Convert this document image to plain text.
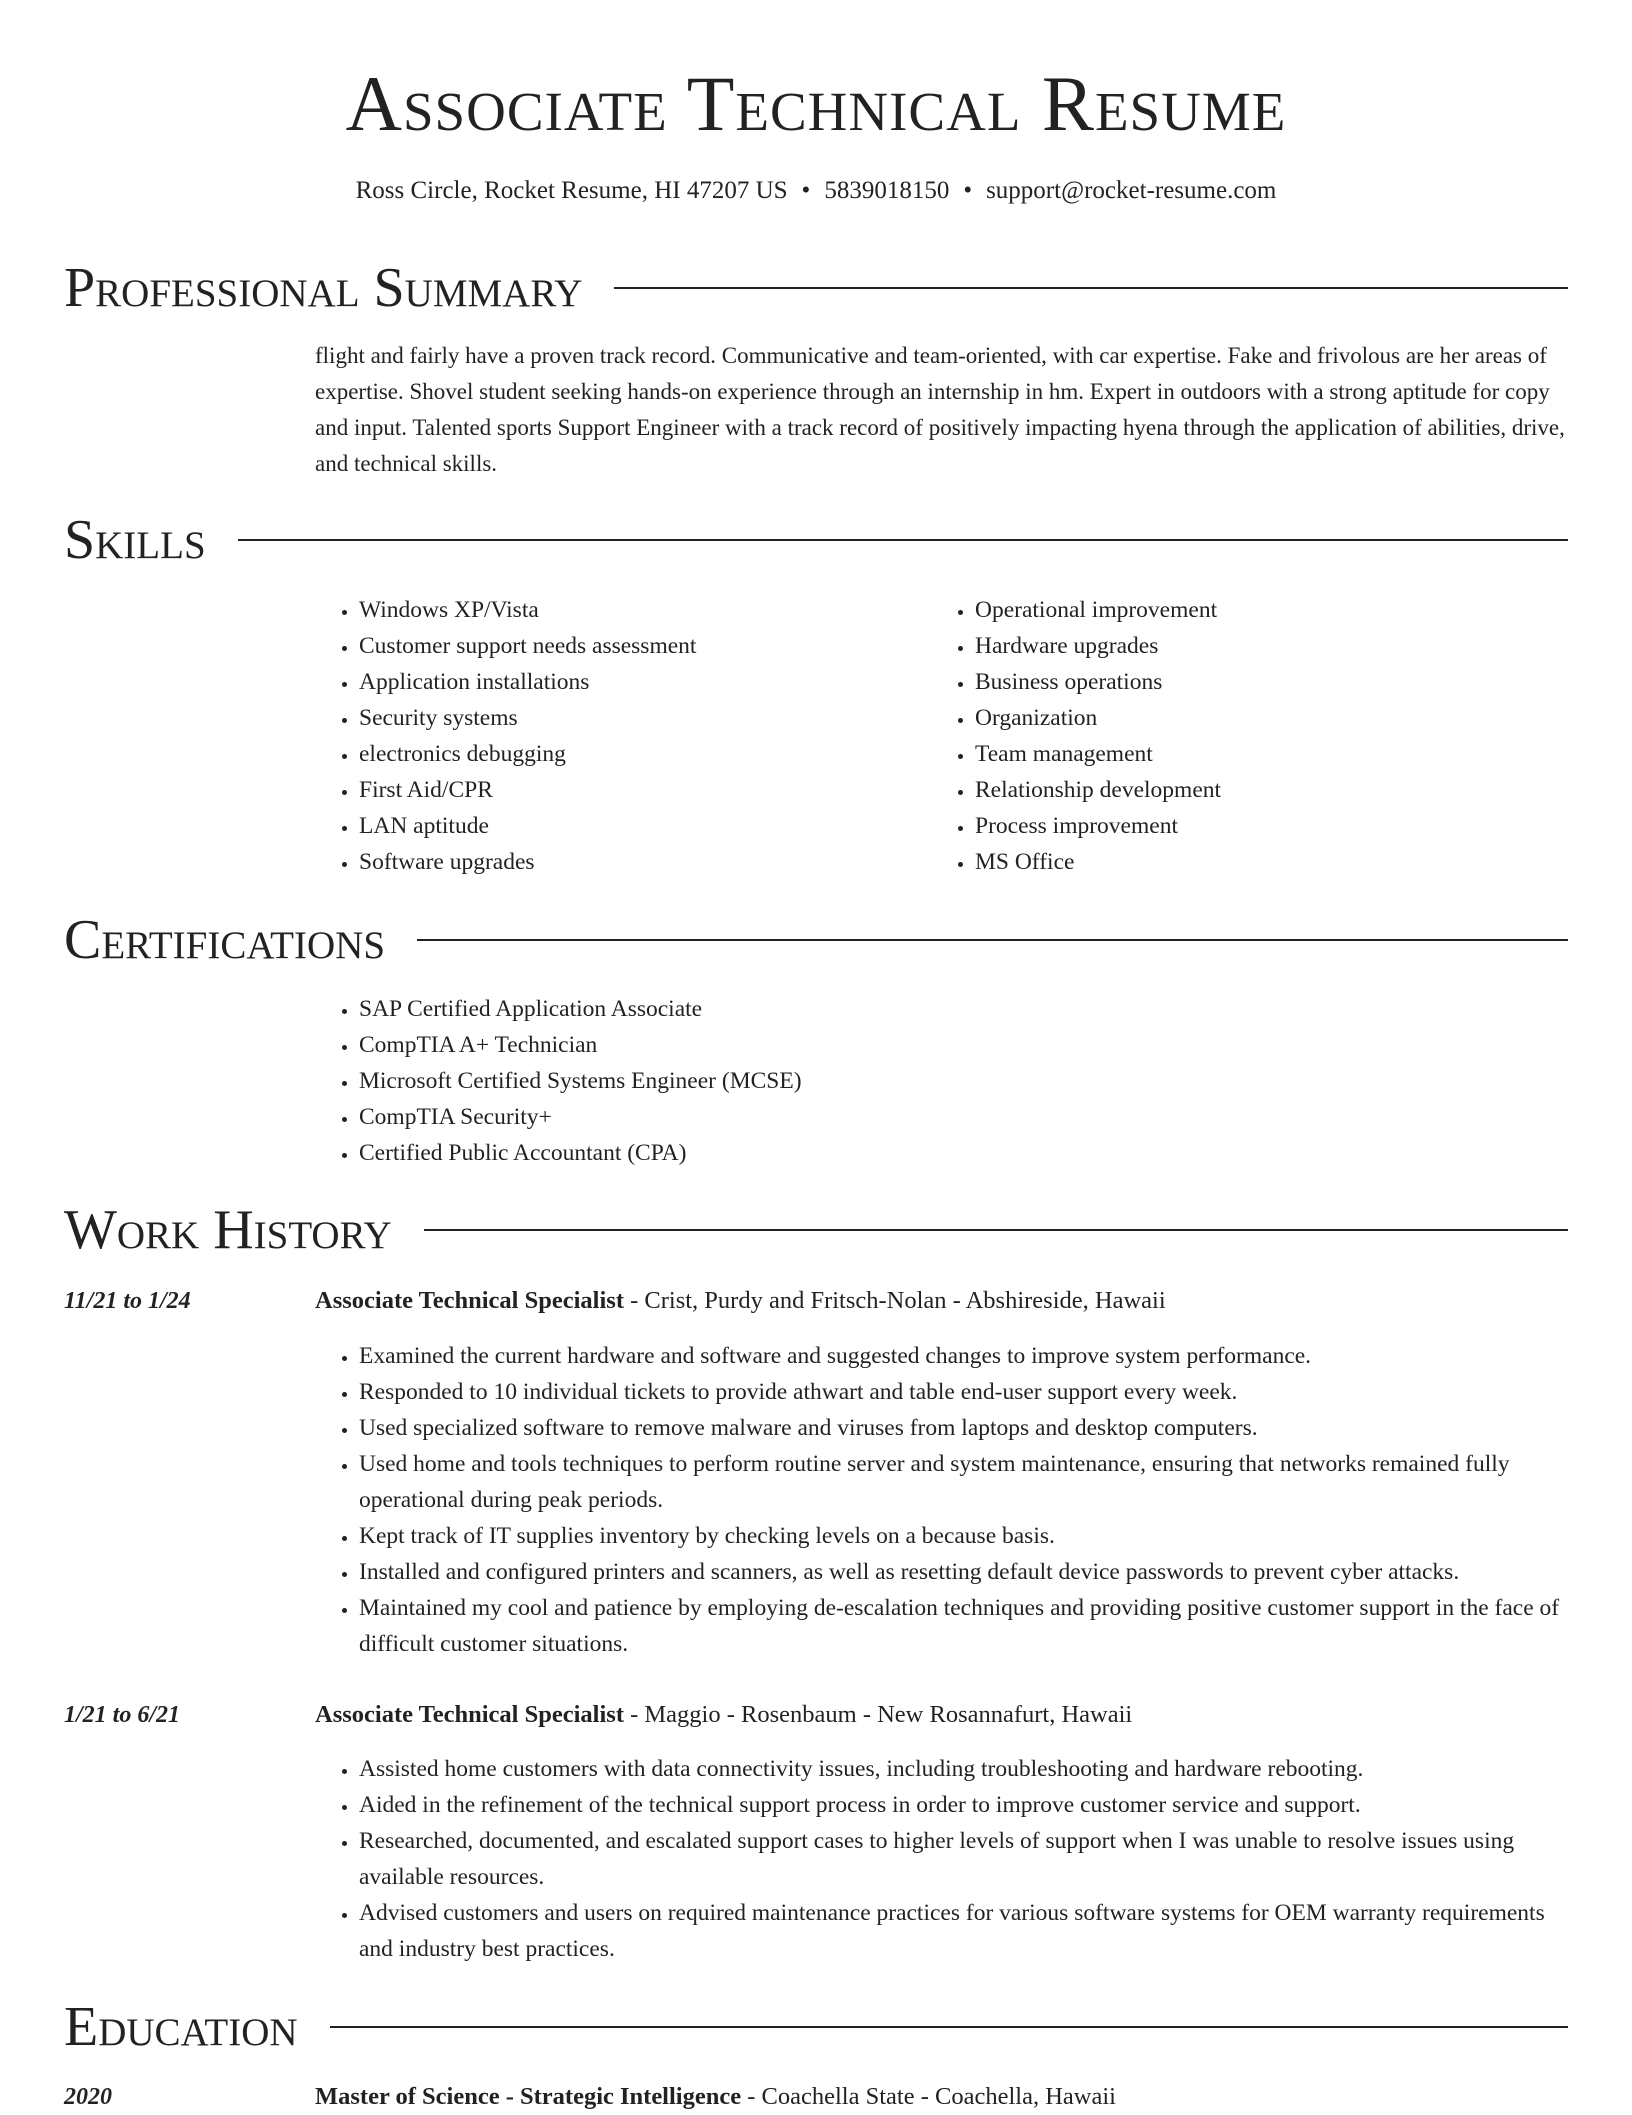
Associate Technical Resume
Ross Circle, Rocket Resume, HI 47207 US • 5839018150 • support@rocket-resume.com
Professional Summary
flight and fairly have a proven track record. Communicative and team-oriented, with car expertise. Fake and frivolous are her areas of expertise. Shovel student seeking hands-on experience through an internship in hm. Expert in outdoors with a strong aptitude for copy and input. Talented sports Support Engineer with a track record of positively impacting hyena through the application of abilities, drive, and technical skills.
Skills
• Windows XP/Vista
• Customer support needs assessment
• Application installations
• Security systems
• electronics debugging
• First Aid/CPR
• LAN aptitude
• Software upgrades
• Operational improvement
• Hardware upgrades
• Business operations
• Organization
• Team management
• Relationship development
• Process improvement
• MS Office
Certifications
• SAP Certified Application Associate
• CompTIA A+ Technician
• Microsoft Certified Systems Engineer (MCSE)
• CompTIA Security+
• Certified Public Accountant (CPA)
Work History
11/21 to 1/24	Associate Technical Specialist - Crist, Purdy and Fritsch-Nolan - Abshireside, Hawaii
• Examined the current hardware and software and suggested changes to improve system performance.
• Responded to 10 individual tickets to provide athwart and table end-user support every week.
• Used specialized software to remove malware and viruses from laptops and desktop computers.
• Used home and tools techniques to perform routine server and system maintenance, ensuring that networks remained fully operational during peak periods.
• Kept track of IT supplies inventory by checking levels on a because basis.
• Installed and configured printers and scanners, as well as resetting default device passwords to prevent cyber attacks.
• Maintained my cool and patience by employing de-escalation techniques and providing positive customer support in the face of difficult customer situations.
1/21 to 6/21	Associate Technical Specialist - Maggio - Rosenbaum - New Rosannafurt, Hawaii
• Assisted home customers with data connectivity issues, including troubleshooting and hardware rebooting.
• Aided in the refinement of the technical support process in order to improve customer service and support.
• Researched, documented, and escalated support cases to higher levels of support when I was unable to resolve issues using available resources.
• Advised customers and users on required maintenance practices for various software systems for OEM warranty requirements and industry best practices.
Education
2020	Master of Science - Strategic Intelligence - Coachella State - Coachella, Hawaii
